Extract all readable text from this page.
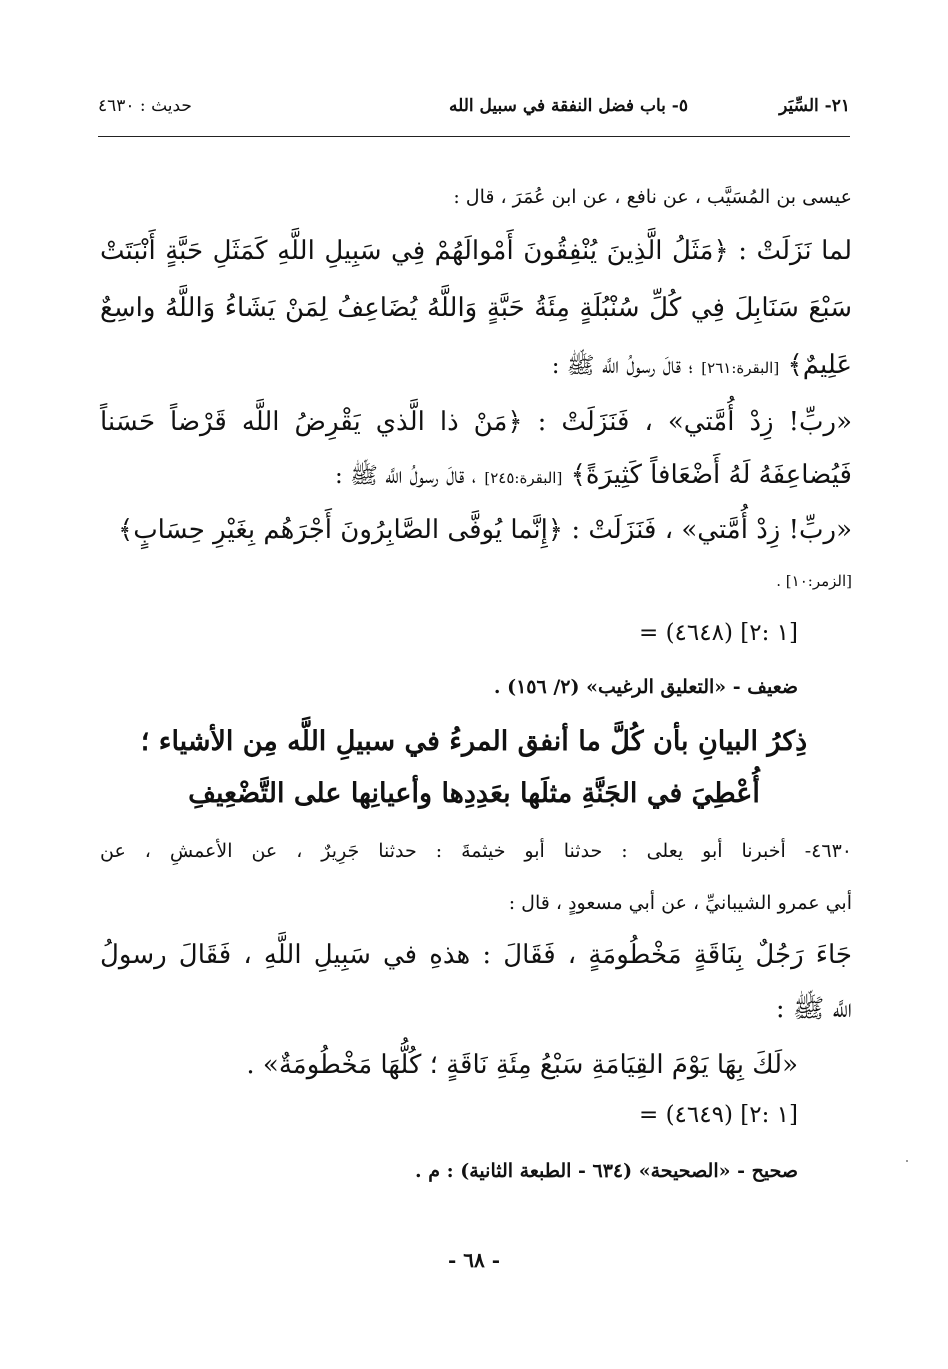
٢١- السِّيَر
٥- باب فضل النفقة في سبيل الله
حديث : ٤٦٣٠
عيسى بن المُسَيَّب ، عن نافع ، عن ابن عُمَرَ ، قال :
لما نَزَلَتْ : ﴿مَثَلُ الَّذِينَ يُنْفِقُونَ أَمْوالَهُمْ فِي سَبِيلِ اللَّهِ كَمَثَلِ حَبَّةٍ أَنْبَتَتْ
سَبْعَ سَنَابِلَ فِي كُلِّ سُنْبُلَةٍ مِئَةُ حَبَّةٍ وَاللَّهُ يُضَاعِفُ لِمَنْ يَشَاءُ وَاللَّهُ واسِعٌ
عَلِيمٌ﴾ [البقرة:٢٦١] ؛ قالَ رسولُ اللَّه ﷺ :
«ربِّ! زِدْ أُمَّتي» ، فَنَزَلَتْ : ﴿مَنْ ذا الَّذي يَقْرِضُ اللَّه قَرْضاً حَسَناً
فَيُضاعِفَهُ لَهُ أَضْعَافاً كَثِيرَةً﴾ [البقرة:٢٤٥] ، قالَ رسولُ اللَّه ﷺ :
«ربِّ! زِدْ أُمَّتي» ، فَنَزَلَتْ : ﴿إِنَّما يُوفَّى الصَّابِرُونَ أَجْرَهُم بِغَيْرِ حِسَابٍ﴾
[الزمر:١٠] .
= (٤٦٤٨) [١ :٢]
ضعيف - «التعليق الرغيب» (٢/ ١٥٦) .
ذِكرُ البيانِ بأن كُلَّ ما أنفق المرءُ في سبيلِ اللَّه مِن الأشياء ؛
أُعْطِيَ في الجَنَّةِ مثلَها بعَدِدِها وأعيانِها على التَّضْعِيفِ
٤٦٣٠- أخبرنا أبو يعلى : حدثنا أبو خيثمةَ : حدثنا جَرِيرٌ ، عن الأعمشِ ، عن
أبي عمرو الشيبانيِّ ، عن أبي مسعودٍ ، قال :
جَاءَ رَجُلٌ بِنَاقَةٍ مَخْطُومَةٍ ، فَقَالَ : هذهِ في سَبِيلِ اللَّهِ ، فَقَالَ رسولُ
اللَّه ﷺ :
«لَكَ بِهَا يَوْمَ القِيَامَةِ سَبْعُ مِئَةِ نَاقَةٍ ؛ كُلُّهَا مَخْطُومَةٌ» .
= (٤٦٤٩) [١ :٢]
صحيح - «الصحيحة» (٦٣٤ - الطبعة الثانية) : م .
- ٦٨ -
